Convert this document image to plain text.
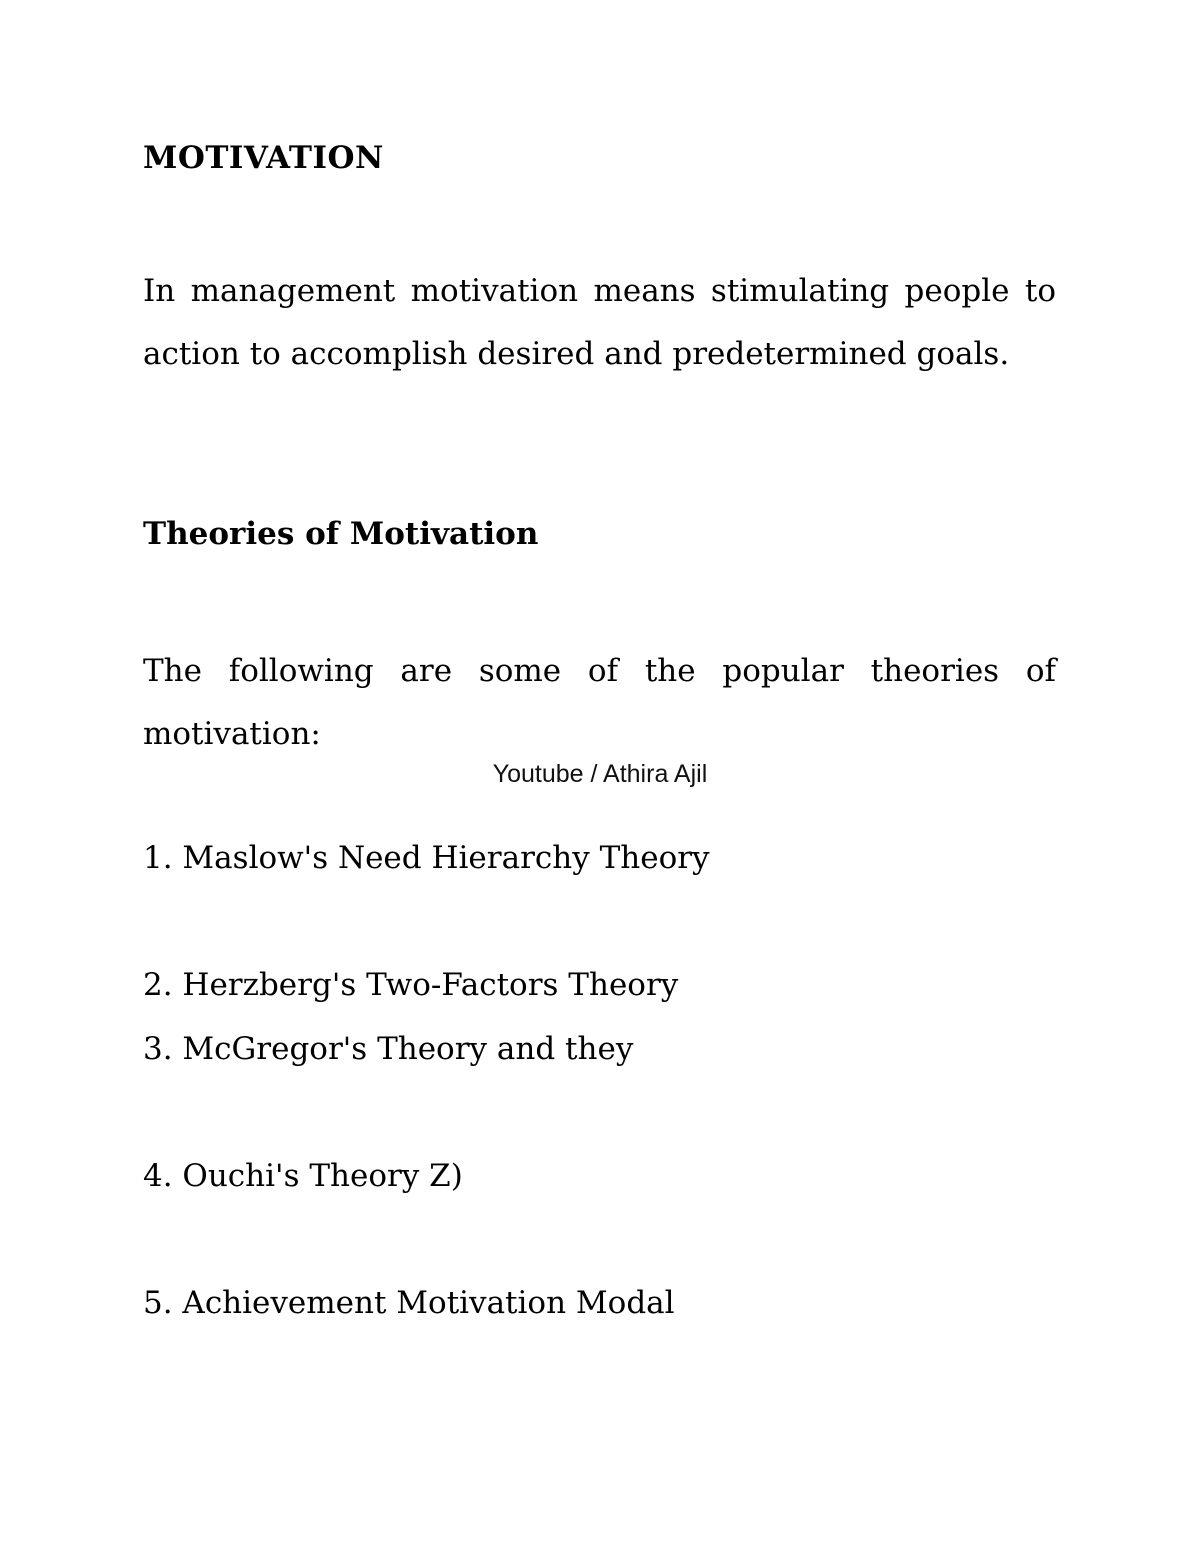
MOTIVATION

In management motivation means stimulating people to action to accomplish desired and predetermined goals.

Theories of Motivation

The following are some of the popular theories of motivation:

Youtube / Athira Ajil
1. Maslow's Need Hierarchy Theory
2. Herzberg's Two-Factors Theory
3. McGregor's Theory and they
4. Ouchi's Theory Z)
5. Achievement Motivation Modal
